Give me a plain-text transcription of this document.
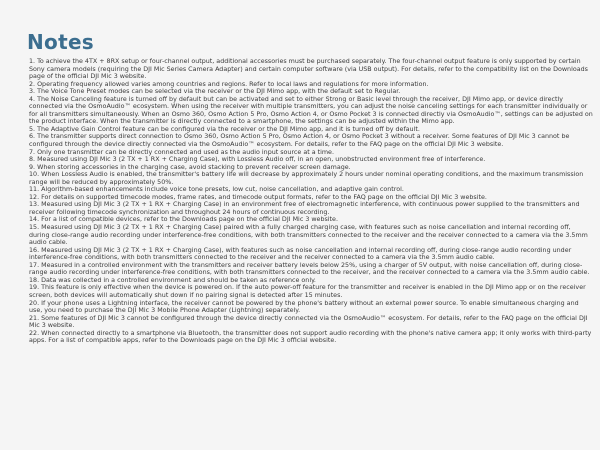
Notes

1. To achieve the 4TX + 8RX setup or four-channel output, additional accessories must be purchased separately. The four-channel output feature is only supported by certain Sony camera models (requiring the DJI Mic Series Camera Adapter) and certain computer software (via USB output). For details, refer to the compatibility list on the Downloads page of the official DJI Mic 3 website.

2. Operating frequency allowed varies among countries and regions. Refer to local laws and regulations for more information.

3. The Voice Tone Preset modes can be selected via the receiver or the DJI Mimo app, with the default set to Regular.

4. The Noise Canceling feature is turned off by default but can be activated and set to either Strong or Basic level through the receiver, DJI Mimo app, or device directly connected via the OsmoAudio™ ecosystem. When using the receiver with multiple transmitters, you can adjust the noise canceling settings for each transmitter individually or for all transmitters simultaneously. When an Osmo 360, Osmo Action 5 Pro, Osmo Action 4, or Osmo Pocket 3 is connected directly via OsmoAudio™, settings can be adjusted on the product interface. When the transmitter is directly connected to a smartphone, the settings can be adjusted within the Mimo app.

5. The Adaptive Gain Control feature can be configured via the receiver or the DJI Mimo app, and it is turned off by default.

6. The transmitter supports direct connection to Osmo 360, Osmo Action 5 Pro, Osmo Action 4, or Osmo Pocket 3 without a receiver. Some features of DJI Mic 3 cannot be configured through the device directly connected via the OsmoAudio™ ecosystem. For details, refer to the FAQ page on the official DJI Mic 3 website.

7. Only one transmitter can be directly connected and used as the audio input source at a time.

8. Measured using DJI Mic 3 (2 TX + 1 RX + Charging Case), with Lossless Audio off, in an open, unobstructed environment free of interference.

9. When storing accessories in the charging case, avoid stacking to prevent receiver screen damage.

10. When Lossless Audio is enabled, the transmitter's battery life will decrease by approximately 2 hours under nominal operating conditions, and the maximum transmission range will be reduced by approximately 50%.

11. Algorithm-based enhancements include voice tone presets, low cut, noise cancellation, and adaptive gain control.

12. For details on supported timecode modes, frame rates, and timecode output formats, refer to the FAQ page on the official DJI Mic 3 website.

13. Measured using DJI Mic 3 (2 TX + 1 RX + Charging Case) in an environment free of electromagnetic interference, with continuous power supplied to the transmitters and receiver following timecode synchronization and throughout 24 hours of continuous recording.

14. For a list of compatible devices, refer to the Downloads page on the official DJI Mic 3 website.

15. Measured using DJI Mic 3 (2 TX + 1 RX + Charging Case) paired with a fully charged charging case, with features such as noise cancellation and internal recording off, during close-range audio recording under interference-free conditions, with both transmitters connected to the receiver and the receiver connected to a camera via the 3.5mm audio cable.

16. Measured using DJI Mic 3 (2 TX + 1 RX + Charging Case), with features such as noise cancellation and internal recording off, during close-range audio recording under interference-free conditions, with both transmitters connected to the receiver and the receiver connected to a camera via the 3.5mm audio cable.

17. Measured in a controlled environment with the transmitters and receiver battery levels below 25%, using a charger of 5V output, with noise cancellation off, during close-range audio recording under interference-free conditions, with both transmitters connected to the receiver, and the receiver connected to a camera via the 3.5mm audio cable.

18. Data was collected in a controlled environment and should be taken as reference only.

19. This feature is only effective when the device is powered on. If the auto power-off feature for the transmitter and receiver is enabled in the DJI Mimo app or on the receiver screen, both devices will automatically shut down if no pairing signal is detected after 15 minutes.

20. If your phone uses a Lightning interface, the receiver cannot be powered by the phone's battery without an external power source. To enable simultaneous charging and use, you need to purchase the DJI Mic 3 Mobile Phone Adapter (Lightning) separately.

21. Some features of DJI Mic 3 cannot be configured through the device directly connected via the OsmoAudio™ ecosystem. For details, refer to the FAQ page on the official DJI Mic 3 website.

22. When connected directly to a smartphone via Bluetooth, the transmitter does not support audio recording with the phone's native camera app; it only works with third-party apps. For a list of compatible apps, refer to the Downloads page on the DJI Mic 3 official website.
